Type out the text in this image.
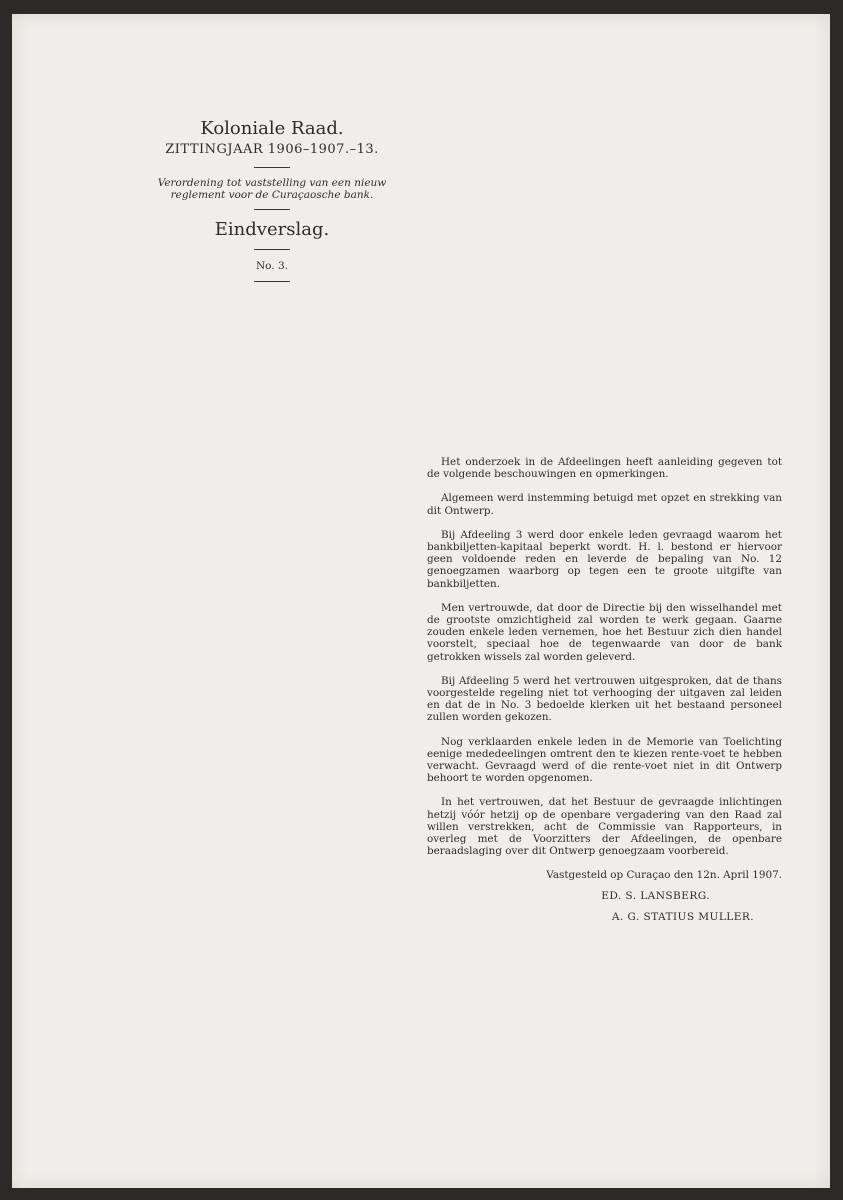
Koloniale Raad.
ZITTINGJAAR 1906–1907.–13.
Verordening tot vaststelling van een nieuw
reglement voor de Curaçaosche bank.
Eindverslag.
No. 3.

Het onderzoek in de Afdeelingen heeft aanleiding gegeven tot de volgende beschouwingen en opmerkingen.

Algemeen werd instemming betuigd met opzet en strekking van dit Ontwerp.

Bij Afdeeling 3 werd door enkele leden gevraagd waarom het bankbiljetten-kapitaal beperkt wordt. H. l. bestond er hiervoor geen voldoende reden en leverde de bepaling van No. 12 genoegzamen waarborg op tegen een te groote uitgifte van bankbiljetten.

Men vertrouwde, dat door de Directie bij den wisselhandel met de grootste omzichtigheid zal worden te werk gegaan. Gaarne zouden enkele leden vernemen, hoe het Bestuur zich dien handel voorstelt, speciaal hoe de tegenwaarde van door de bank getrokken wissels zal worden geleverd.

Bij Afdeeling 5 werd het vertrouwen uitgesproken, dat de thans voorgestelde regeling niet tot verhooging der uitgaven zal leiden en dat de in No. 3 bedoelde klerken uit het bestaand personeel zullen worden gekozen.

Nog verklaarden enkele leden in de Memorie van Toelichting eenige mededeelingen omtrent den te kiezen rente-voet te hebben verwacht. Gevraagd werd of die rente-voet niet in dit Ontwerp behoort te worden opgenomen.

In het vertrouwen, dat het Bestuur de gevraagde inlichtingen hetzij vóór hetzij op de openbare vergadering van den Raad zal willen verstrekken, acht de Commissie van Rapporteurs, in overleg met de Voorzitters der Afdeelingen, de openbare beraadslaging over dit Ontwerp genoegzaam voorbereid.

Vastgesteld op Curaçao den 12n. April 1907.
ED. S. LANSBERG.
A. G. STATIUS MULLER.
